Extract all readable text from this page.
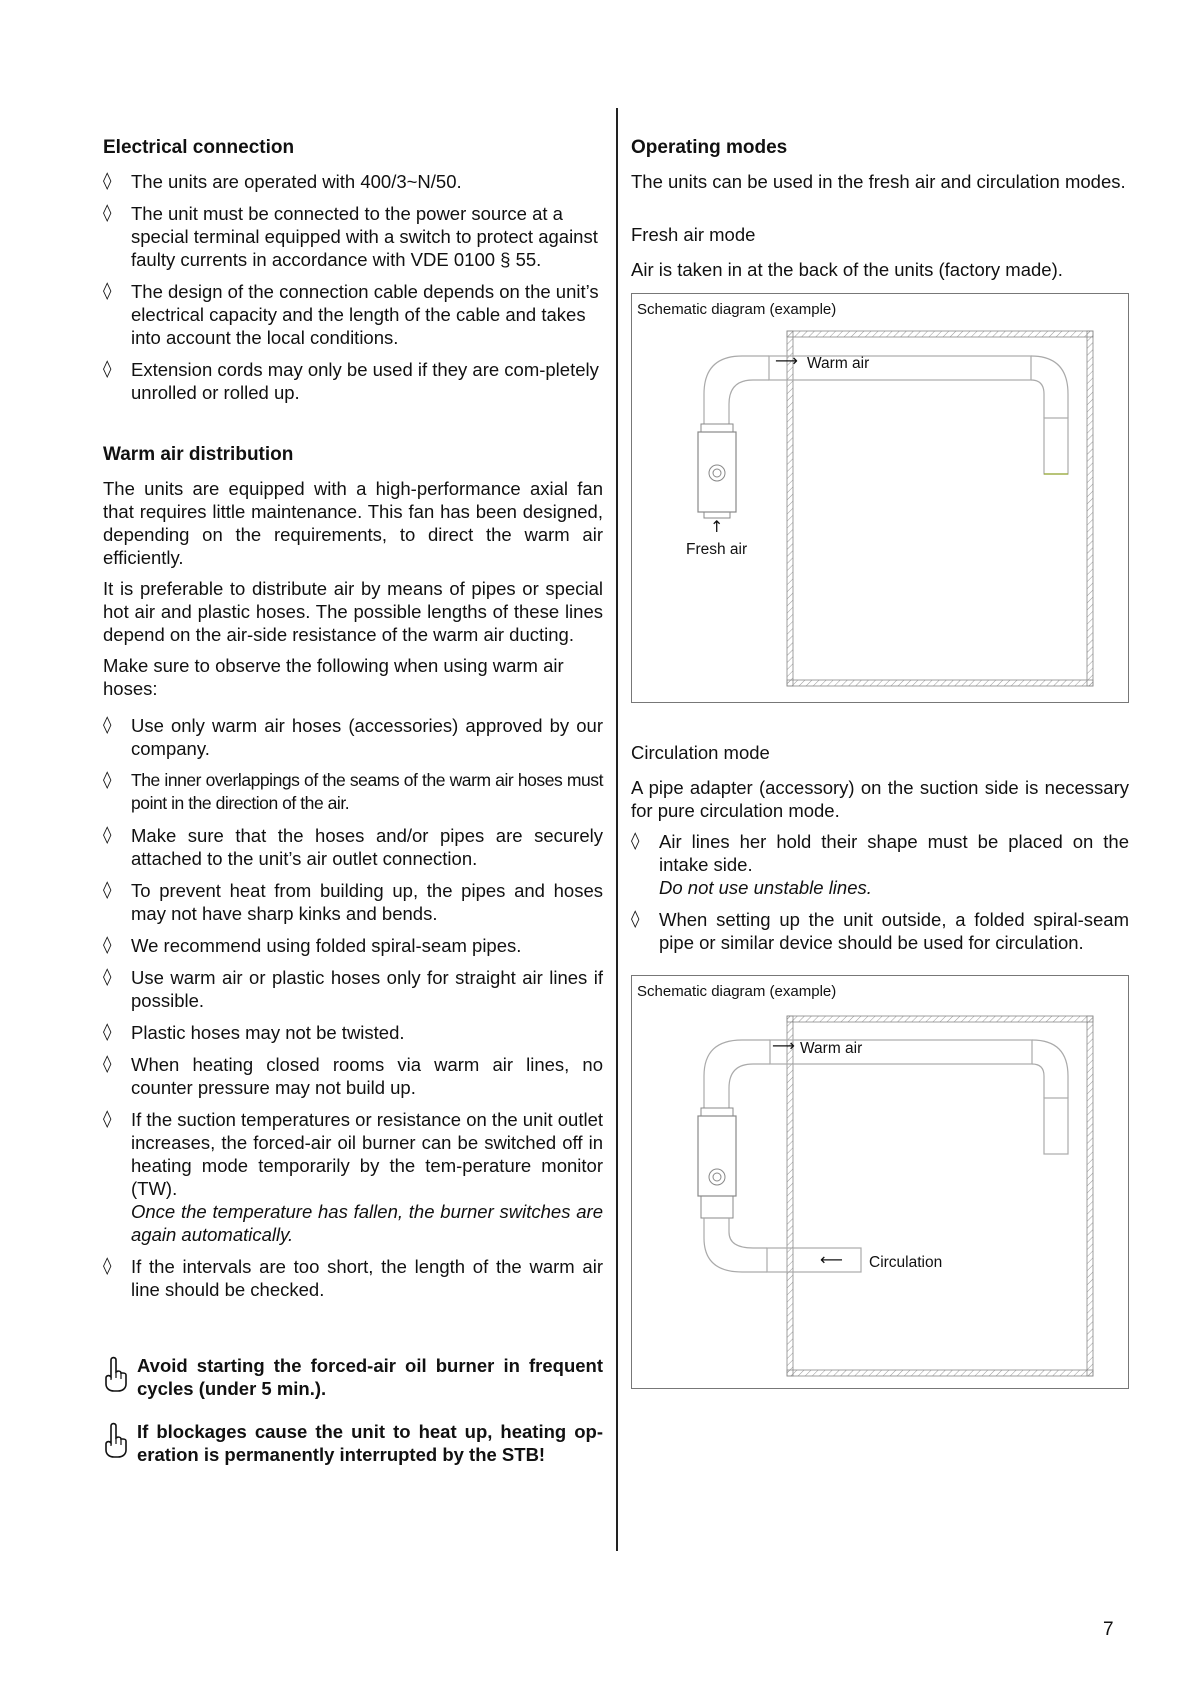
Electrical connection
◊ The units are operated with 400/3~N/50.
◊ The unit must be connected to the power source at a special terminal equipped with a switch to protect against faulty currents in accordance with VDE 0100 § 55.
◊ The design of the connection cable depends on the unit’s electrical capacity and the length of the cable and takes into account the local conditions.
◊ Extension cords may only be used if they are com-pletely unrolled or rolled up.
Warm air distribution

The units are equipped with a high-performance axial fan that requires little maintenance. This fan has been designed, depending on the requirements, to direct the warm air efficiently.

It is preferable to distribute air by means of pipes or special hot air and plastic hoses. The possible lengths of these lines depend on the air-side resistance of the warm air ducting.

Make sure to observe the following when using warm air hoses:

◊ Use only warm air hoses (accessories) approved by our company.
◊ The inner overlappings of the seams of the warm air hoses must point in the direction of the air.
◊ Make sure that the hoses and/or pipes are securely attached to the unit’s air outlet connection.
◊ To prevent heat from building up, the pipes and hoses may not have sharp kinks and bends.
◊ We recommend using folded spiral-seam pipes.
◊ Use warm air or plastic hoses only for straight air lines if possible.
◊ Plastic hoses may not be twisted.
◊ When heating closed rooms via warm air lines, no counter pressure may not build up.
◊ If the suction temperatures or resistance on the unit outlet increases, the forced-air oil burner can be switched off in heating mode temporarily by the tem-perature monitor (TW).
Once the temperature has fallen, the burner switches are again automatically.
◊ If the intervals are too short, the length of the warm air line should be checked.
Avoid starting the forced-air oil burner in frequent cycles (under 5 min.).
If blockages cause the unit to heat up, heating op-eration is permanently interrupted by the STB!
Operating modes

The units can be used in the fresh air and circulation modes.

Fresh air mode

Air is taken in at the back of the units (factory made).

Schematic diagram (example)
⟶ Warm air
↑
Fresh air

Circulation mode

A pipe adapter (accessory) on the suction side is necessary for pure circulation mode.

◊ Air lines her hold their shape must be placed on the intake side.
Do not use unstable lines.
◊ When setting up the unit outside, a folded spiral-seam pipe or similar device should be used for circulation.
Schematic diagram (example)
⟶ Warm air
⟵ Circulation
7
